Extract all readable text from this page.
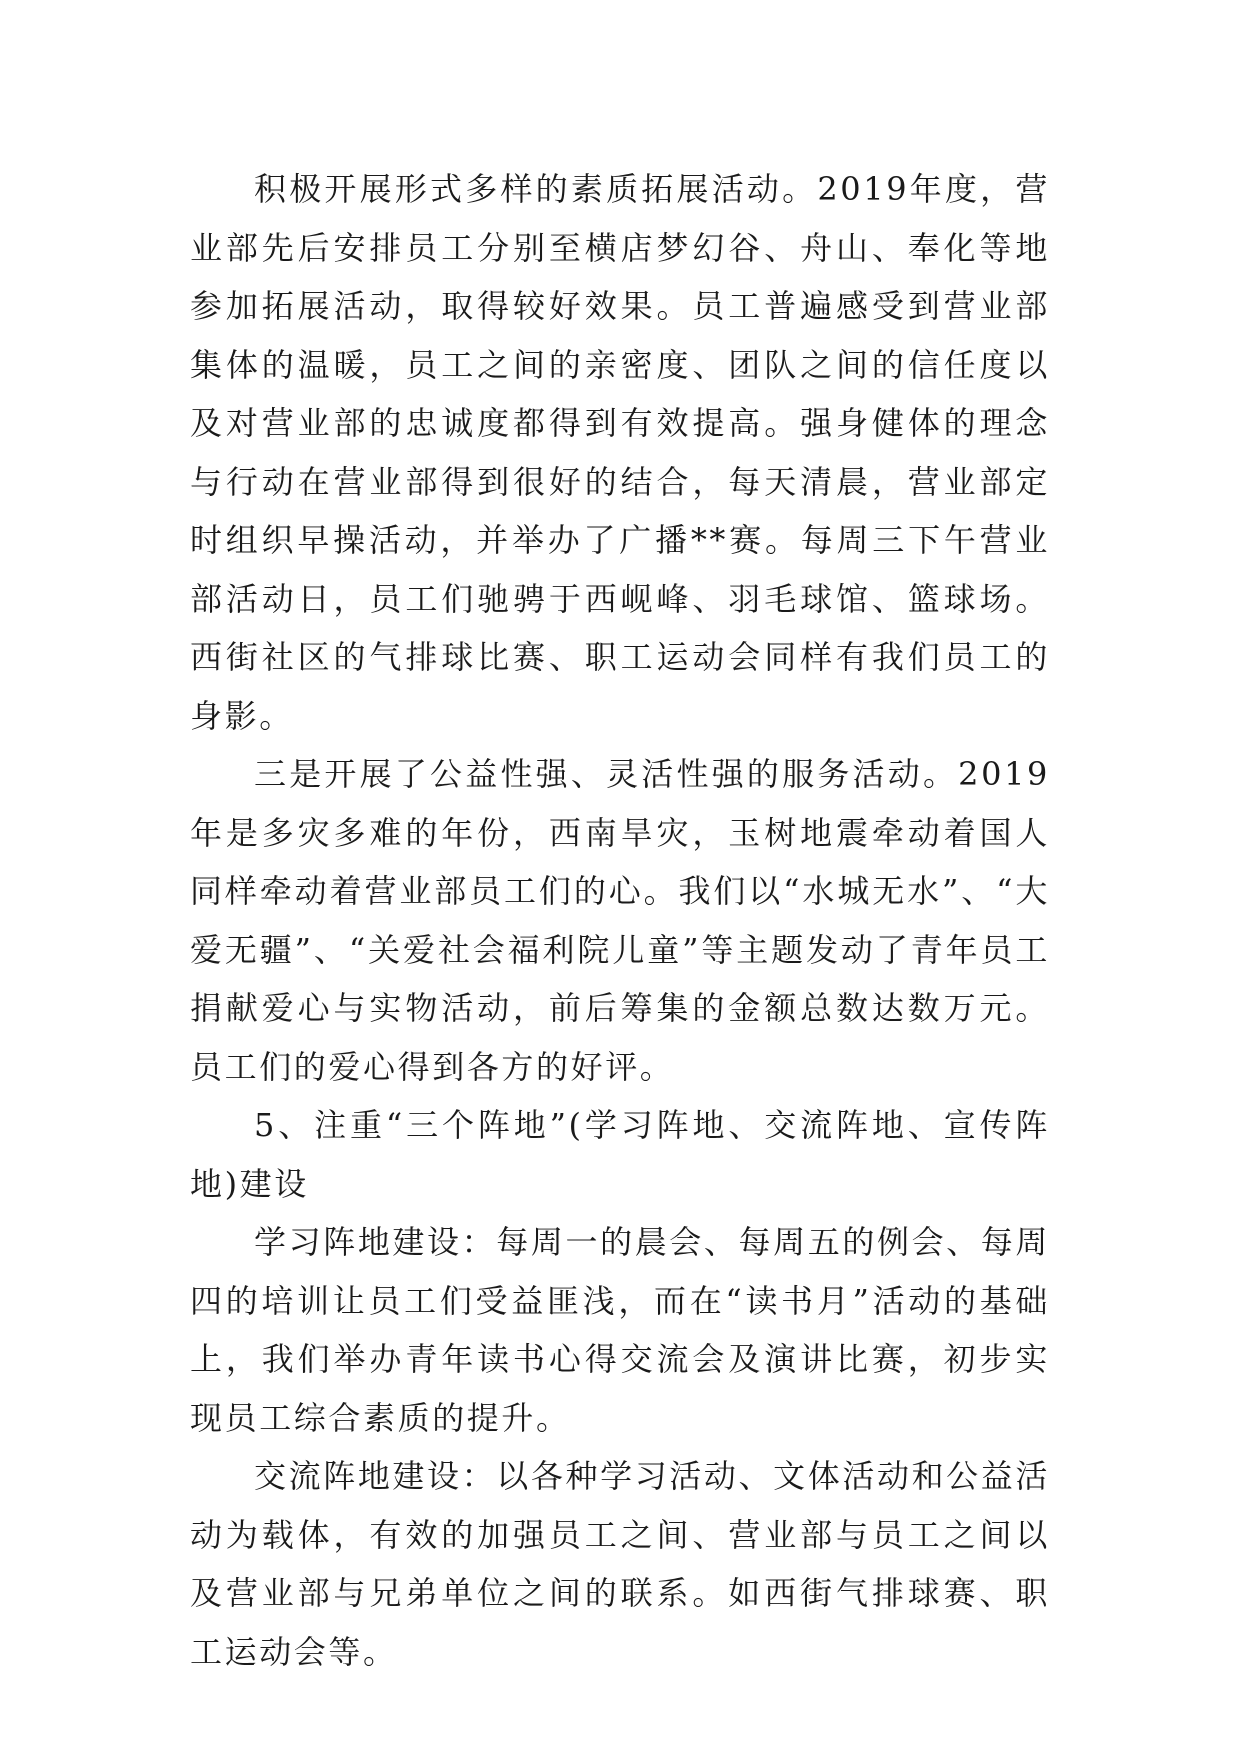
积极开展形式多样的素质拓展活动。2019年度，营业部先后安排员工分别至横店梦幻谷、舟山、奉化等地参加拓展活动，取得较好效果。员工普遍感受到营业部集体的温暖，员工之间的亲密度、团队之间的信任度以及对营业部的忠诚度都得到有效提高。强身健体的理念与行动在营业部得到很好的结合，每天清晨，营业部定时组织早操活动，并举办了广播**赛。每周三下午营业部活动日，员工们驰骋于西岘峰、羽毛球馆、篮球场。西街社区的气排球比赛、职工运动会同样有我们员工的身影。

三是开展了公益性强、灵活性强的服务活动。2019年是多灾多难的年份，西南旱灾，玉树地震牵动着国人同样牵动着营业部员工们的心。我们以“水城无水”、“大爱无疆”、“关爱社会福利院儿童”等主题发动了青年员工捐献爱心与实物活动，前后筹集的金额总数达数万元。员工们的爱心得到各方的好评。

5、注重“三个阵地”(学习阵地、交流阵地、宣传阵地)建设

学习阵地建设：每周一的晨会、每周五的例会、每周四的培训让员工们受益匪浅，而在“读书月”活动的基础上，我们举办青年读书心得交流会及演讲比赛，初步实现员工综合素质的提升。

交流阵地建设：以各种学习活动、文体活动和公益活动为载体，有效的加强员工之间、营业部与员工之间以及营业部与兄弟单位之间的联系。如西街气排球赛、职工运动会等。
